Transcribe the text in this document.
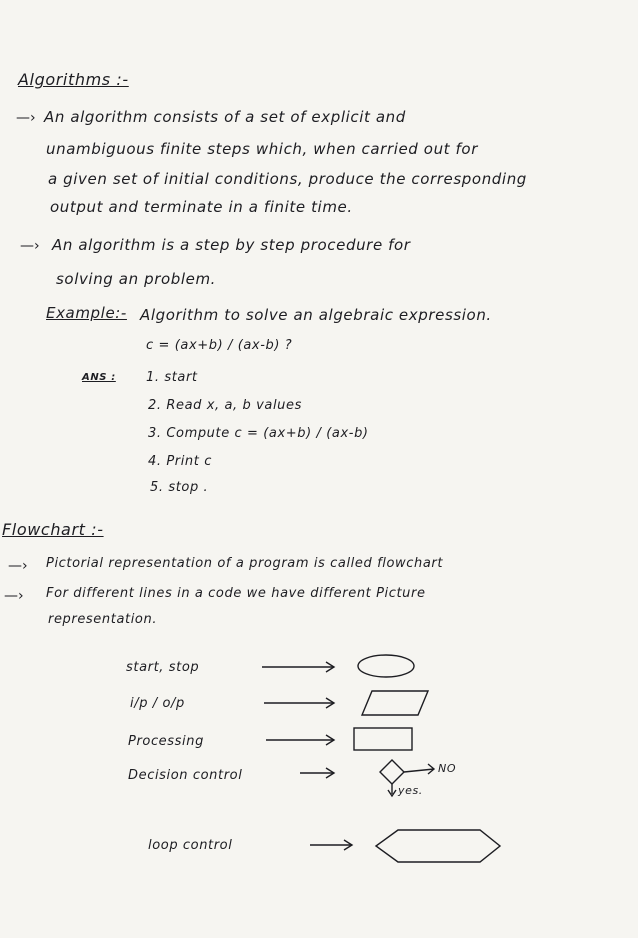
Algorithms :-
—› An algorithm consists of a set of explicit and
unambiguous finite steps which, when carried out for
a given set of initial conditions, produce the corresponding
output and terminate in a finite time.
—› An algorithm is a step by step procedure for
solving an problem.
Example:- Algorithm to solve an algebraic expression.
c = (ax+b) / (ax-b) ?
ANS : 1. start
2. Read x, a, b values
3. Compute c = (ax+b) / (ax-b)
4. Print c
5. stop .
Flowchart :-
—› Pictorial representation of a program is called flowchart
—› For different lines in a code we have different Picture
representation.
start, stop
i/p / o/p
Processing
Decision control
loop control
NO
yes.
